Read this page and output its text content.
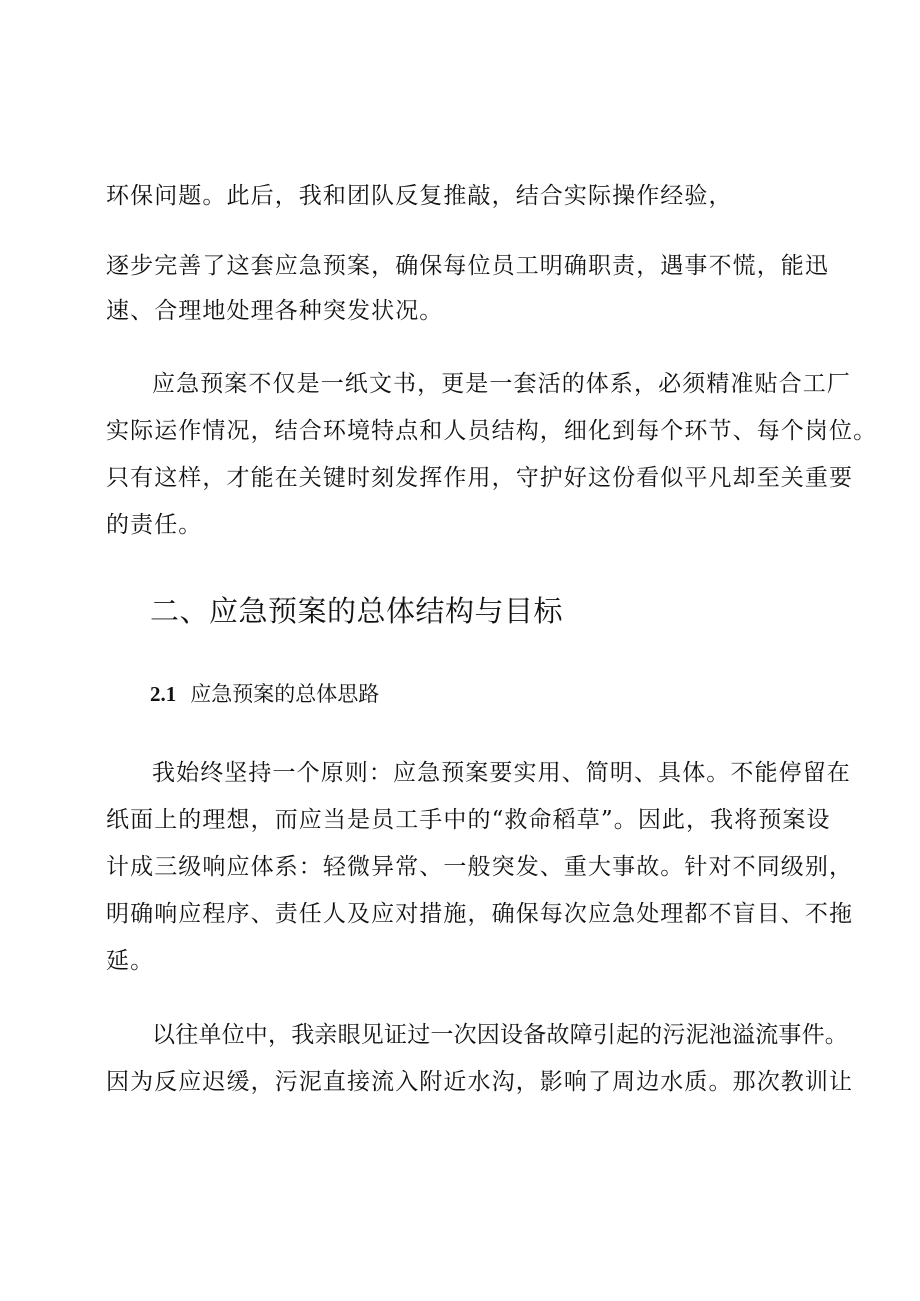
环保问题。此后，我和团队反复推敲，结合实际操作经验，
逐步完善了这套应急预案，确保每位员工明确职责，遇事不慌，能迅
速、合理地处理各种突发状况。
应急预案不仅是一纸文书，更是一套活的体系，必须精准贴合工厂
实际运作情况，结合环境特点和人员结构，细化到每个环节、每个岗位。
只有这样，才能在关键时刻发挥作用，守护好这份看似平凡却至关重要
的责任。
二、应急预案的总体结构与目标
2.1 应急预案的总体思路
我始终坚持一个原则：应急预案要实用、简明、具体。不能停留在
纸面上的理想，而应当是员工手中的“救命稻草”。因此，我将预案设
计成三级响应体系：轻微异常、一般突发、重大事故。针对不同级别，
明确响应程序、责任人及应对措施，确保每次应急处理都不盲目、不拖
延。
以往单位中，我亲眼见证过一次因设备故障引起的污泥池溢流事件。
因为反应迟缓，污泥直接流入附近水沟，影响了周边水质。那次教训让
